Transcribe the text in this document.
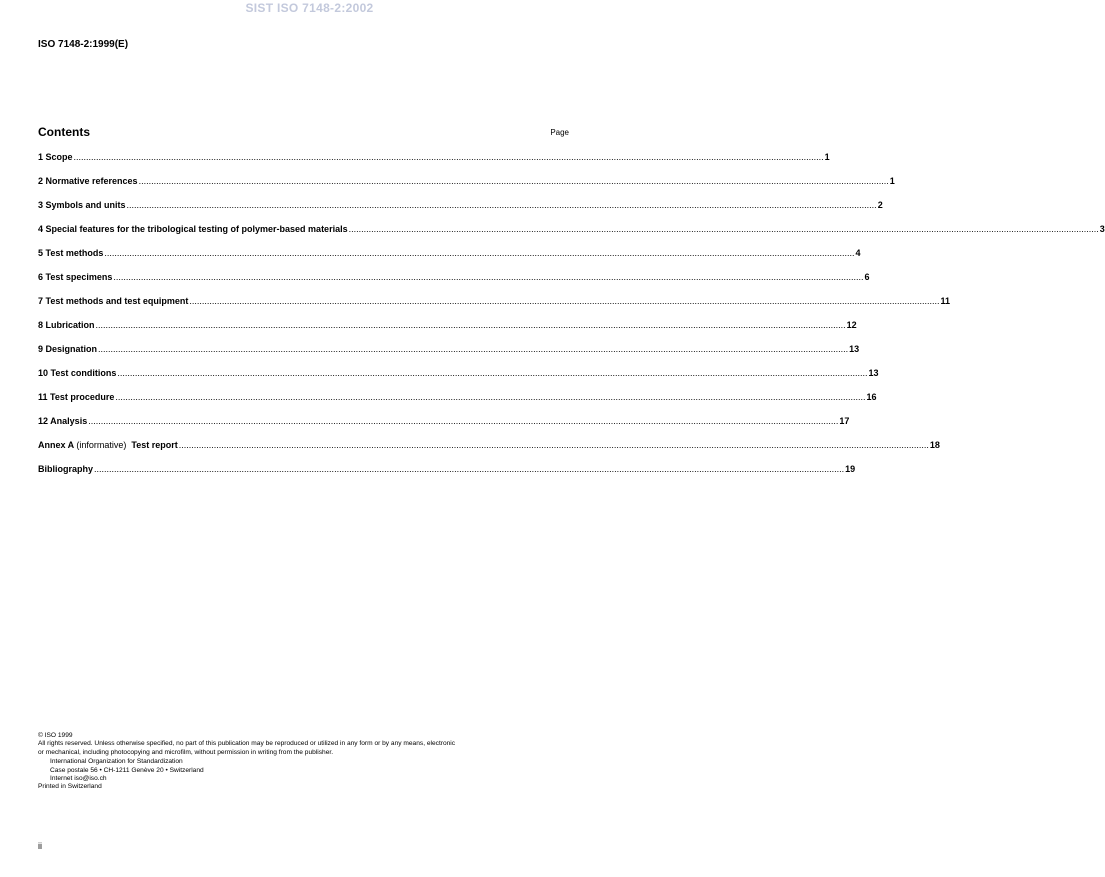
SIST ISO 7148-2:2002
ISO 7148-2:1999(E)
Contents	Page
1 Scope ............................................................................................................................................................................................................................................................................................................ 1
2 Normative references ............................................................................................................................................................................................................................................................................................................ 1
3 Symbols and units ............................................................................................................................................................................................................................................................................................................ 2
4 Special features for the tribological testing of polymer-based materials ............................................................................................................................................................................................................................................................................................................ 3
5 Test methods ............................................................................................................................................................................................................................................................................................................ 4
6 Test specimens ............................................................................................................................................................................................................................................................................................................ 6
7 Test methods and test equipment ............................................................................................................................................................................................................................................................................................................ 11
8 Lubrication ............................................................................................................................................................................................................................................................................................................ 12
9 Designation ............................................................................................................................................................................................................................................................................................................ 13
10 Test conditions ............................................................................................................................................................................................................................................................................................................ 13
11 Test procedure ............................................................................................................................................................................................................................................................................................................ 16
12 Analysis ............................................................................................................................................................................................................................................................................................................ 17
Annex A (informative) Test report ............................................................................................................................................................................................................................................................................................................ 18
Bibliography ............................................................................................................................................................................................................................................................................................................ 19
© ISO 1999
All rights reserved. Unless otherwise specified, no part of this publication may be reproduced or utilized in any form or by any means, electronic
or mechanical, including photocopying and microfilm, without permission in writing from the publisher.
International Organization for Standardization
Case postale 56 • CH-1211 Genève 20 • Switzerland
Internet iso@iso.ch
Printed in Switzerland
ii
